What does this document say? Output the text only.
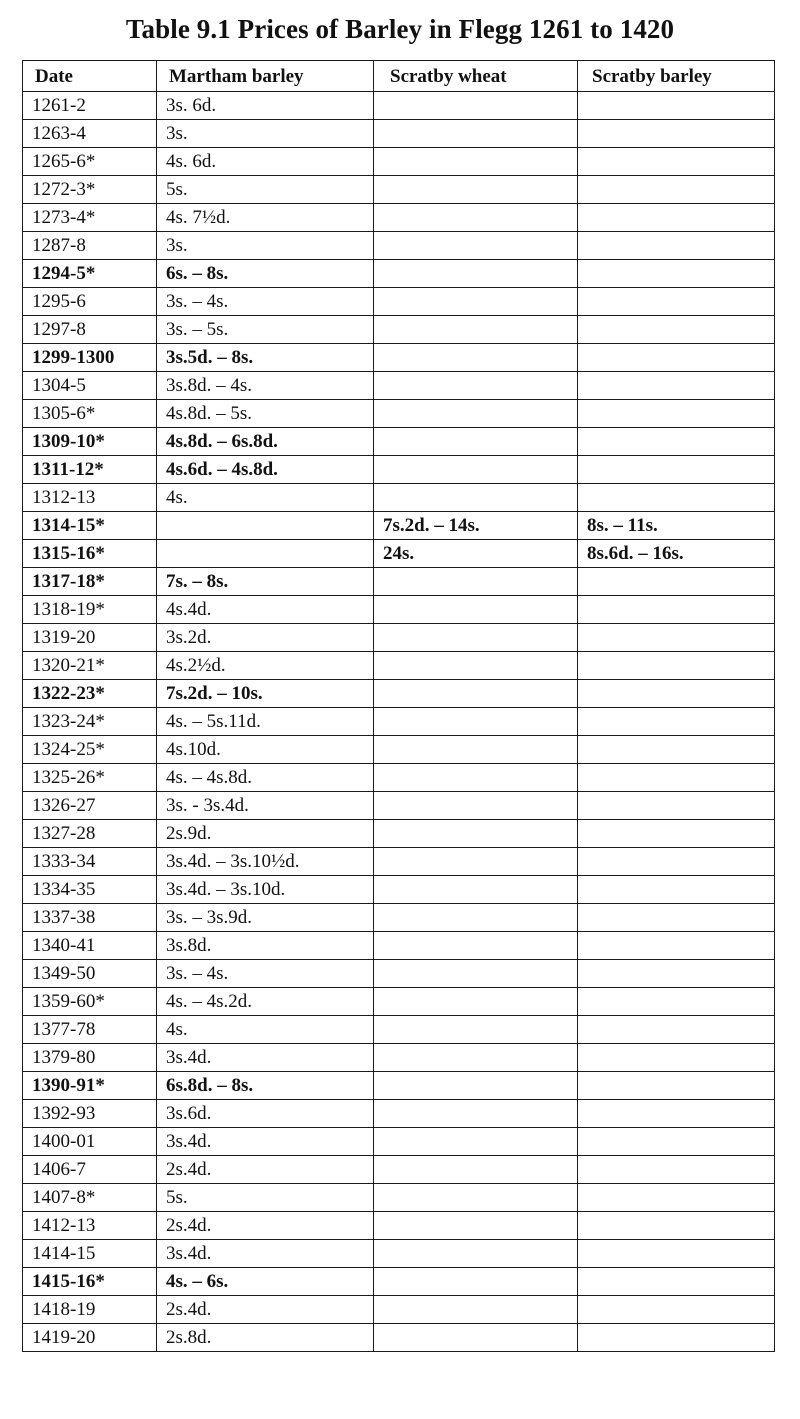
Table 9.1 Prices of Barley in Flegg 1261 to 1420
Date	Martham barley	Scratby wheat	Scratby barley
1261-2	3s. 6d.		
1263-4	3s.		
1265-6*	4s. 6d.		
1272-3*	5s.		
1273-4*	4s. 7½d.		
1287-8	3s.		
1294-5*	6s. – 8s.		
1295-6	3s. – 4s.		
1297-8	3s. – 5s.		
1299-1300	3s.5d. – 8s.		
1304-5	3s.8d. – 4s.		
1305-6*	4s.8d. – 5s.		
1309-10*	4s.8d. – 6s.8d.		
1311-12*	4s.6d. – 4s.8d.		
1312-13	4s.		
1314-15*		7s.2d. – 14s.	8s. – 11s.
1315-16*		24s.	8s.6d. – 16s.
1317-18*	7s. – 8s.		
1318-19*	4s.4d.		
1319-20	3s.2d.		
1320-21*	4s.2½d.		
1322-23*	7s.2d. – 10s.		
1323-24*	4s. – 5s.11d.		
1324-25*	4s.10d.		
1325-26*	4s. – 4s.8d.		
1326-27	3s. - 3s.4d.		
1327-28	2s.9d.		
1333-34	3s.4d. – 3s.10½d.		
1334-35	3s.4d. – 3s.10d.		
1337-38	3s. – 3s.9d.		
1340-41	3s.8d.		
1349-50	3s. – 4s.		
1359-60*	4s. – 4s.2d.		
1377-78	4s.		
1379-80	3s.4d.		
1390-91*	6s.8d. – 8s.		
1392-93	3s.6d.		
1400-01	3s.4d.		
1406-7	2s.4d.		
1407-8*	5s.		
1412-13	2s.4d.		
1414-15	3s.4d.		
1415-16*	4s. – 6s.		
1418-19	2s.4d.		
1419-20	2s.8d.		
